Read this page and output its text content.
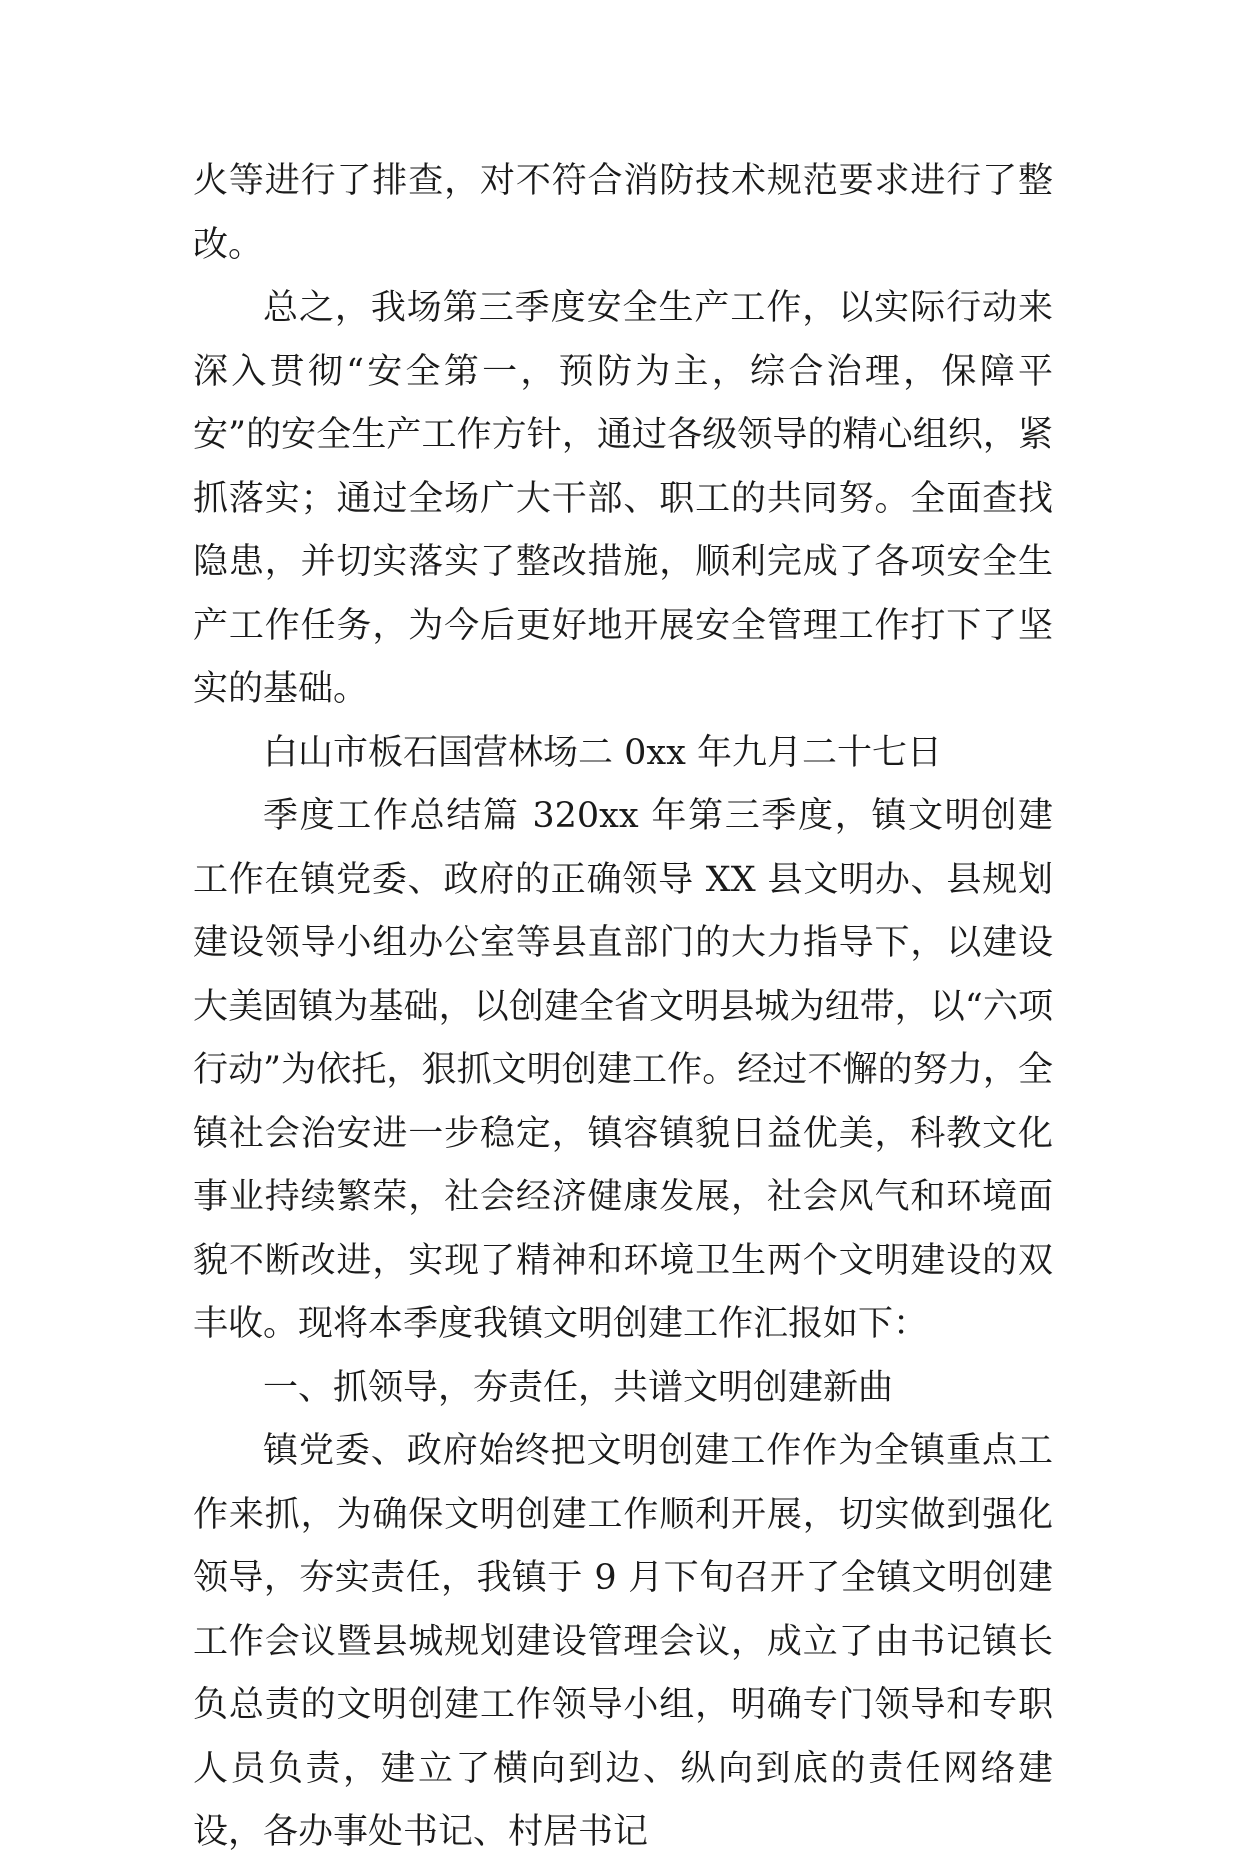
火等进行了排查，对不符合消防技术规范要求进行了整改。

总之，我场第三季度安全生产工作，以实际行动来深入贯彻“安全第一，预防为主，综合治理，保障平安”的安全生产工作方针，通过各级领导的精心组织，紧抓落实；通过全场广大干部、职工的共同努。全面查找隐患，并切实落实了整改措施，顺利完成了各项安全生产工作任务，为今后更好地开展安全管理工作打下了坚实的基础。

白山市板石国营林场二 0xx 年九月二十七日

季度工作总结篇 320xx 年第三季度，镇文明创建工作在镇党委、政府的正确领导 XX 县文明办、县规划建设领导小组办公室等县直部门的大力指导下，以建设大美固镇为基础，以创建全省文明县城为纽带，以“六项行动”为依托，狠抓文明创建工作。经过不懈的努力，全镇社会治安进一步稳定，镇容镇貌日益优美，科教文化事业持续繁荣，社会经济健康发展，社会风气和环境面貌不断改进，实现了精神和环境卫生两个文明建设的双丰收。现将本季度我镇文明创建工作汇报如下：

一、抓领导，夯责任，共谱文明创建新曲

镇党委、政府始终把文明创建工作作为全镇重点工作来抓，为确保文明创建工作顺利开展，切实做到强化领导，夯实责任，我镇于 9 月下旬召开了全镇文明创建工作会议暨县城规划建设管理会议，成立了由书记镇长负总责的文明创建工作领导小组，明确专门领导和专职人员负责，建立了横向到边、纵向到底的责任网络建设，各办事处书记、村居书记
